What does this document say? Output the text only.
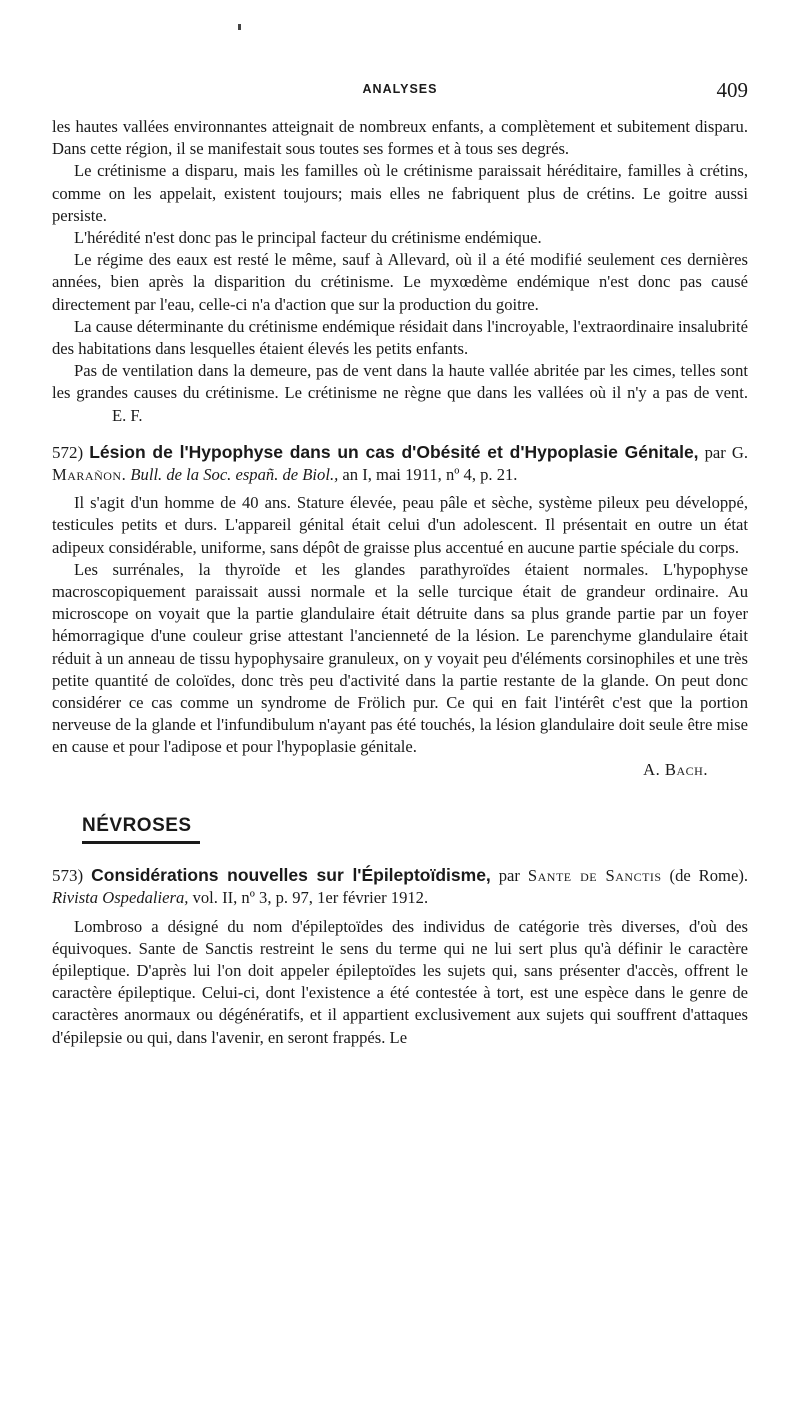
ANALYSES	409

les hautes vallées environnantes atteignait de nombreux enfants, a complètement et subitement disparu. Dans cette région, il se manifestait sous toutes ses formes et à tous ses degrés.

Le crétinisme a disparu, mais les familles où le crétinisme paraissait héréditaire, familles à crétins, comme on les appelait, existent toujours; mais elles ne fabriquent plus de crétins. Le goitre aussi persiste.

L'hérédité n'est donc pas le principal facteur du crétinisme endémique.

Le régime des eaux est resté le même, sauf à Allevard, où il a été modifié seulement ces dernières années, bien après la disparition du crétinisme. Le myxœdème endémique n'est donc pas causé directement par l'eau, celle-ci n'a d'action que sur la production du goitre.

La cause déterminante du crétinisme endémique résidait dans l'incroyable, l'extraordinaire insalubrité des habitations dans lesquelles étaient élevés les petits enfants.

Pas de ventilation dans la demeure, pas de vent dans la haute vallée abritée par les cimes, telles sont les grandes causes du crétinisme. Le crétinisme ne règne que dans les vallées où il n'y a pas de vent.E. F.

572) Lésion de l'Hypophyse dans un cas d'Obésité et d'Hypoplasie Génitale, par G. Marañon. Bull. de la Soc. españ. de Biol., an I, mai 1911, nº 4, p. 21.

Il s'agit d'un homme de 40 ans. Stature élevée, peau pâle et sèche, système pileux peu développé, testicules petits et durs. L'appareil génital était celui d'un adolescent. Il présentait en outre un état adipeux considérable, uniforme, sans dépôt de graisse plus accentué en aucune partie spéciale du corps.

Les surrénales, la thyroïde et les glandes parathyroïdes étaient normales. L'hypophyse macroscopiquement paraissait aussi normale et la selle turcique était de grandeur ordinaire. Au microscope on voyait que la partie glandulaire était détruite dans sa plus grande partie par un foyer hémorragique d'une couleur grise attestant l'ancienneté de la lésion. Le parenchyme glandulaire était réduit à un anneau de tissu hypophysaire granuleux, on y voyait peu d'éléments corsinophiles et une très petite quantité de coloïdes, donc très peu d'activité dans la partie restante de la glande. On peut donc considérer ce cas comme un syndrome de Frölich pur. Ce qui en fait l'intérêt c'est que la portion nerveuse de la glande et l'infundibulum n'ayant pas été touchés, la lésion glandulaire doit seule être mise en cause et pour l'adipose et pour l'hypoplasie génitale.

A. Bach.

NÉVROSES

573) Considérations nouvelles sur l'Épileptoïdisme, par Sante de Sanctis (de Rome). Rivista Ospedaliera, vol. II, nº 3, p. 97, 1er février 1912.

Lombroso a désigné du nom d'épileptoïdes des individus de catégorie très diverses, d'où des équivoques. Sante de Sanctis restreint le sens du terme qui ne lui sert plus qu'à définir le caractère épileptique. D'après lui l'on doit appeler épileptoïdes les sujets qui, sans présenter d'accès, offrent le caractère épileptique. Celui-ci, dont l'existence a été contestée à tort, est une espèce dans le genre de caractères anormaux ou dégénératifs, et il appartient exclusivement aux sujets qui souffrent d'attaques d'épilepsie ou qui, dans l'avenir, en seront frappés. Le
